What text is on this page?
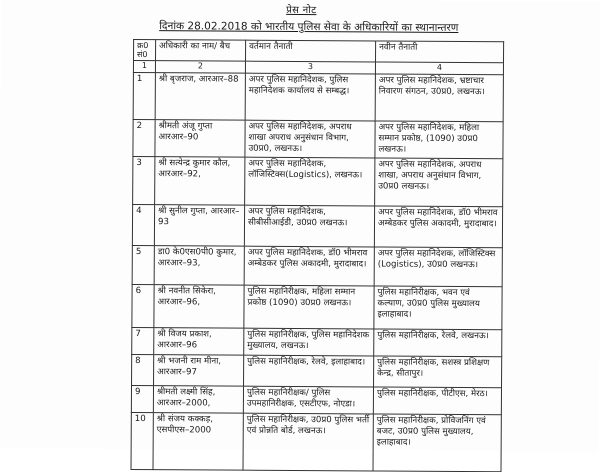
प्रेस नोट
दिनांक 28.02.2018 को भारतीय पुलिस सेवा के अधिकारियों का स्थानान्तरण
क्र0 सं0	अधिकारी का नाम/ बैच	वर्तमान तैनाती	नवीन तैनाती
1	2	3	4
1	श्री बृजराज, आरआर–88	अपर पुलिस महानिदेशक, पुलिस महानिदेशक कार्यालय से सम्बद्ध।	अपर पुलिस महानिदेशक, भ्रष्टाचार निवारण संगठन, उ0प्र0, लखनऊ।
2	श्रीमती अंजू गुप्ता आरआर–90	अपर पुलिस महानिदेशक, अपराध शाखा अपराध अनुसंधान विभाग, उ0प्र0, लखनऊ।	अपर पुलिस महानिदेशक, महिला सम्मान प्रकोष्ठ, (1090) उ0प्र0 लखनऊ।
3	श्री सत्येन्द्र कुमार कौल, आरआर–92,	अपर पुलिस महानिदेशक, लॉजिस्टिक्स(Logistics), लखनऊ।	अपर पुलिस महानिदेशक, अपराध शाखा, अपराध अनुसंधान विभाग, उ0प्र0 लखनऊ।
4	श्री सुनील गुप्ता, आरआर–93	अपर पुलिस महानिदेशक, सीबीसीआईडी, उ0प्र0 लखनऊ।	अपर पुलिस महानिदेशक, डॉ0 भीमराव अम्बेडकर पुलिस अकादमी, मुरादाबाद।
5	डा0 के0एस0पी0 कुमार, आरआर–93,	अपर पुलिस महानिदेशक, डॉ0 भीमराव अम्बेडकर पुलिस अकादमी, मुरादाबाद।	अपर पुलिस महानिदेशक, लॉजिस्टिक्स (Logistics), उ0प्र0 लखनऊ।
6	श्री नवनीत सिकेरा, आरआर–96,	पुलिस महानिरीक्षक, महिला सम्मान प्रकोष्ठ (1090) उ0प्र0 लखनऊ।	पुलिस महानिरीक्षक, भवन एवं कल्याण, उ0प्र0 पुलिस मुख्यालय इलाहाबाद।
7	श्री विजय प्रकाश, आरआर–96	पुलिस महानिरीक्षक, पुलिस महानिदेशक मुख्यालय, लखनऊ।	पुलिस महानिरीक्षक, रेलवे, लखनऊ।
8	श्री भजनी राम मीना, आरआर–97	पुलिस महानिरीक्षक, रेलवे, इलाहाबाद।	पुलिस महानिरीक्षक, सशस्त्र प्रशिक्षण केन्द्र, सीतापुर।
9	श्रीमती लक्ष्मी सिंह, आरआर–2000,	पुलिस महानिरीक्षक/ पुलिस उपमहानिरीक्षक, एसटीएफ, नोएडा।	पुलिस महानिरीक्षक, पीटीएस, मेरठ।
10	श्री संजय कक्कड़, एसपीएस–2000	पुलिस महानिरीक्षक, उ0प्र0 पुलिस भर्ती एवं प्रोन्नति बोर्ड, लखनऊ।	पुलिस महानिरीक्षक, प्रोविजनिंग एवं बजट, उ0प्र0 पुलिस मुख्यालय, इलाहाबाद।
